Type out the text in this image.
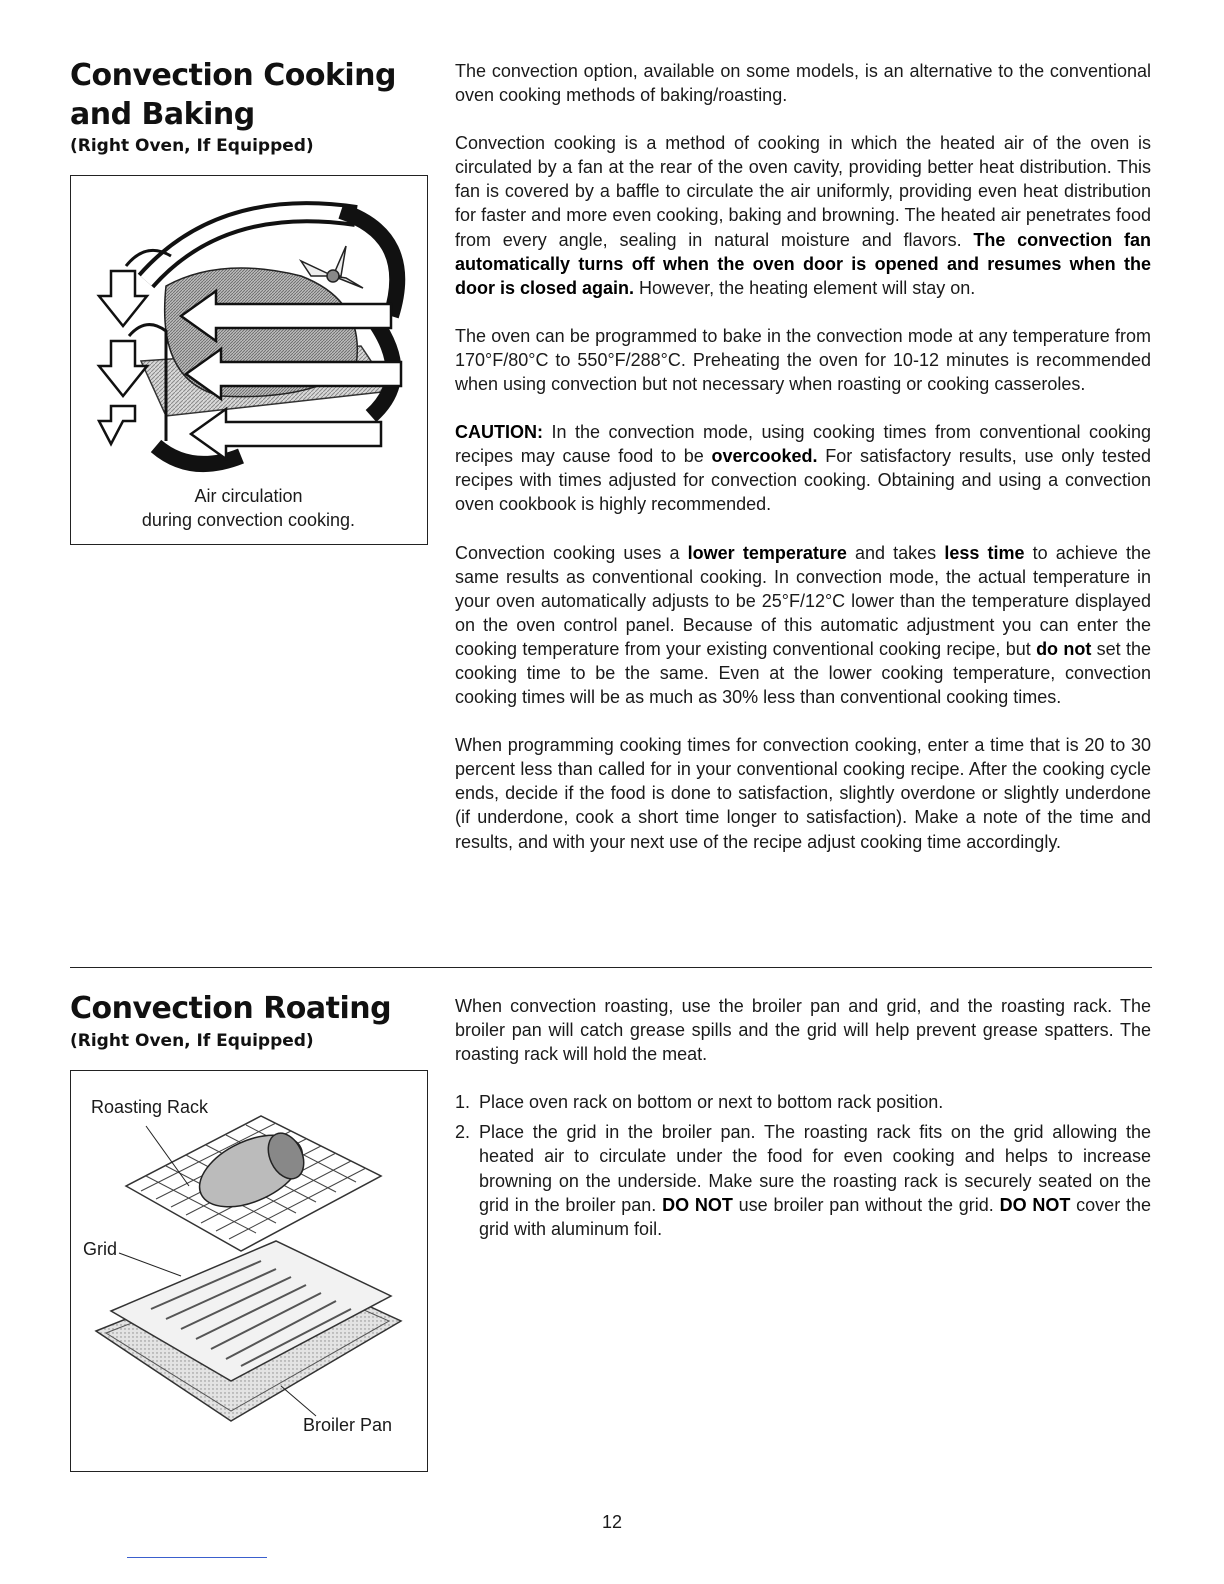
Convection Cooking
and Baking
(Right Oven, If Equipped)
Air circulation
during convection cooking.

The convection option, available on some models, is an alternative to the conventional oven cooking methods of baking/roasting.

Convection cooking is a method of cooking in which the heated air of the oven is circulated by a fan at the rear of the oven cavity, providing better heat distribution. This fan is covered by a baffle to circulate the air uniformly, providing even heat distribution for faster and more even cooking, baking and browning. The heated air penetrates food from every angle, sealing in natural moisture and flavors. The convection fan automatically turns off when the oven door is opened and resumes when the door is closed again. However, the heating element will stay on.

The oven can be programmed to bake in the convection mode at any temperature from 170°F/80°C to 550°F/288°C. Preheating the oven for 10-12 minutes is recommended when using convection but not necessary when roasting or cooking casseroles.

CAUTION: In the convection mode, using cooking times from conventional cooking recipes may cause food to be overcooked. For satisfactory results, use only tested recipes with times adjusted for convection cooking. Obtaining and using a convection oven cookbook is highly recommended.

Convection cooking uses a lower temperature and takes less time to achieve the same results as conventional cooking. In convection mode, the actual temperature in your oven automatically adjusts to be 25°F/12°C lower than the temperature displayed on the oven control panel. Because of this automatic adjustment you can enter the cooking temperature from your existing conventional cooking recipe, but do not set the cooking time to be the same. Even at the lower cooking temperature, convection cooking times will be as much as 30% less than conventional cooking times.

When programming cooking times for convection cooking, enter a time that is 20 to 30 percent less than called for in your conventional cooking recipe. After the cooking cycle ends, decide if the food is done to satisfaction, slightly overdone or slightly underdone (if underdone, cook a short time longer to satisfaction). Make a note of the time and results, and with your next use of the recipe adjust cooking time accordingly.

Convection Roating
(Right Oven, If Equipped)
Roasting Rack
Grid
Broiler Pan

When convection roasting, use the broiler pan and grid, and the roasting rack. The broiler pan will catch grease spills and the grid will help prevent grease spatters. The roasting rack will hold the meat.

1. Place oven rack on bottom or next to bottom rack position.
2. Place the grid in the broiler pan. The roasting rack fits on the grid allowing the heated air to circulate under the food for even cooking and helps to increase browning on the underside. Make sure the roasting rack is securely seated on the grid in the broiler pan. DO NOT use broiler pan without the grid. DO NOT cover the grid with aluminum foil.
12
